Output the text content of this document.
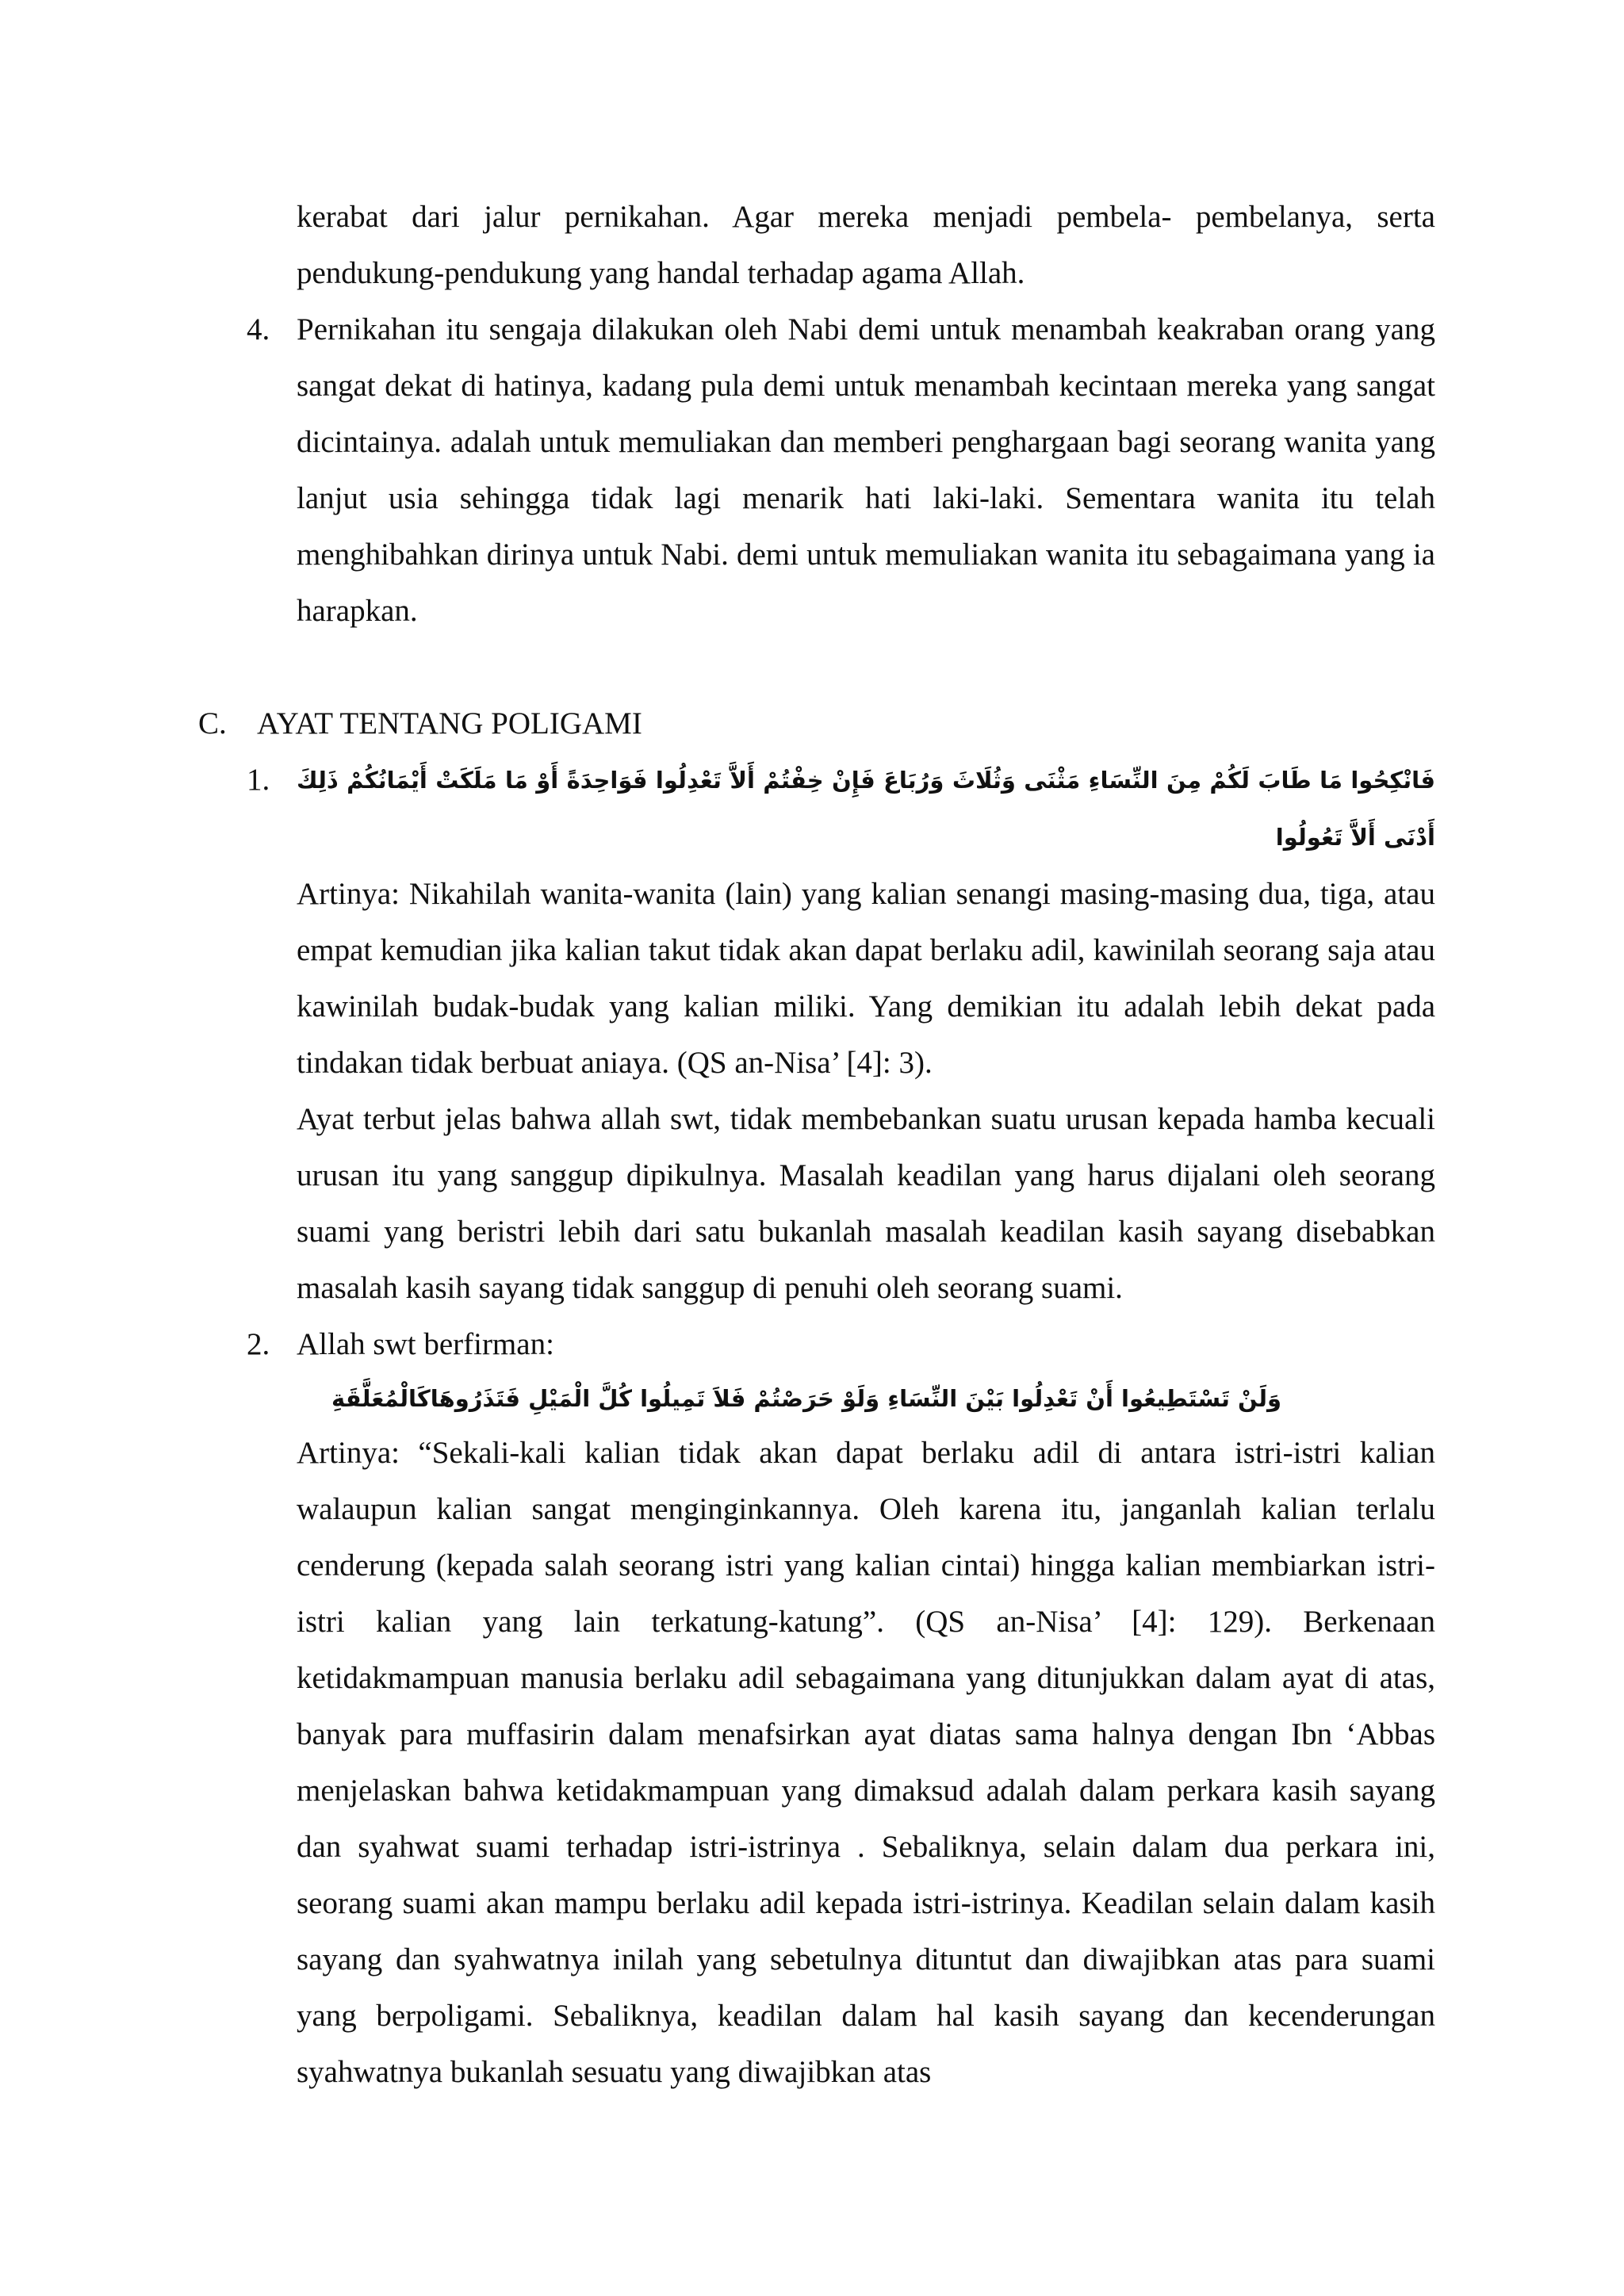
kerabat dari jalur pernikahan. Agar mereka menjadi pembela- pembelanya, serta pendukung-pendukung yang handal terhadap agama Allah.

4. Pernikahan itu sengaja dilakukan oleh Nabi demi untuk menambah keakraban orang yang sangat dekat di hatinya, kadang pula demi untuk menambah kecintaan mereka yang sangat dicintainya. adalah untuk memuliakan dan memberi penghargaan bagi seorang wanita yang lanjut usia sehingga tidak lagi menarik hati laki-laki. Sementara wanita itu telah menghibahkan dirinya untuk Nabi. demi untuk memuliakan wanita itu sebagaimana yang ia harapkan.

C. AYAT TENTANG POLIGAMI
1. فَانْكِحُوا مَا طَابَ لَكُمْ مِنَ النِّسَاءِ مَثْنَى وَثُلَاثَ وَرُبَاعَ فَإِنْ خِفْتُمْ أَلاَّ تَعْدِلُوا فَوَاحِدَةً أَوْ مَا مَلَكَتْ أَيْمَانُكُمْ ذَلِكَ أَدْنَى أَلاَّ تَعُولُوا

Artinya: Nikahilah wanita-wanita (lain) yang kalian senangi masing-masing dua, tiga, atau empat kemudian jika kalian takut tidak akan dapat berlaku adil, kawinilah seorang saja atau kawinilah budak-budak yang kalian miliki. Yang demikian itu adalah lebih dekat pada tindakan tidak berbuat aniaya. (QS an-Nisa’ [4]: 3).

Ayat terbut jelas bahwa allah swt, tidak membebankan suatu urusan kepada hamba kecuali urusan itu yang sanggup dipikulnya. Masalah keadilan yang harus dijalani oleh seorang suami yang beristri lebih dari satu bukanlah masalah keadilan kasih sayang disebabkan masalah kasih sayang tidak sanggup di penuhi oleh seorang suami.

2. Allah swt berfirman:

وَلَنْ تَسْتَطِيعُوا أَنْ تَعْدِلُوا بَيْنَ النِّسَاءِ وَلَوْ حَرَصْتُمْ فَلاَ تَمِيلُوا كُلَّ الْمَيْلِ فَتَذَرُوهَاكَالْمُعَلَّقَةِ

Artinya: “Sekali-kali kalian tidak akan dapat berlaku adil di antara istri-istri kalian walaupun kalian sangat menginginkannya. Oleh karena itu, janganlah kalian terlalu cenderung (kepada salah seorang istri yang kalian cintai) hingga kalian membiarkan istri-istri kalian yang lain terkatung-katung”. (QS an-Nisa’ [4]: 129). Berkenaan ketidakmampuan manusia berlaku adil sebagaimana yang ditunjukkan dalam ayat di atas, banyak para muffasirin dalam menafsirkan ayat diatas sama halnya dengan Ibn ‘Abbas menjelaskan bahwa ketidakmampuan yang dimaksud adalah dalam perkara kasih sayang dan syahwat suami terhadap istri-istrinya . Sebaliknya, selain dalam dua perkara ini, seorang suami akan mampu berlaku adil kepada istri-istrinya. Keadilan selain dalam kasih sayang dan syahwatnya inilah yang sebetulnya dituntut dan diwajibkan atas para suami yang berpoligami. Sebaliknya, keadilan dalam hal kasih sayang dan kecenderungan syahwatnya bukanlah sesuatu yang diwajibkan atas
